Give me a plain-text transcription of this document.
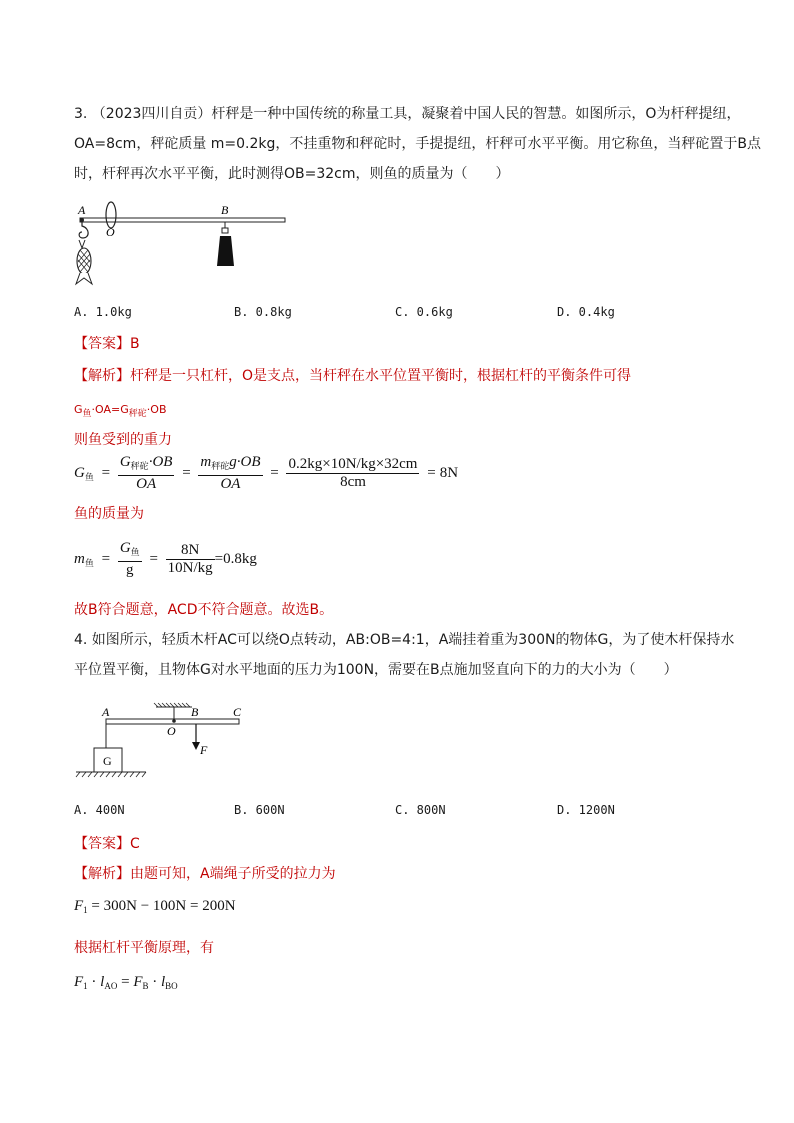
3. （2023四川自贡）杆秤是一种中国传统的称量工具，凝聚着中国人民的智慧。如图所示，O为杆秤提纽，
OA=8cm，秤砣质量 m=0.2kg，不挂重物和秤砣时，手提提纽，杆秤可水平平衡。用它称鱼，当秤砣置于B点
时，杆秤再次水平平衡，此时测得OB=32cm，则鱼的质量为（　　）
A
O
B
A. 1.0kg	B. 0.8kg	C. 0.6kg	D. 0.4kg
【答案】B
【解析】杆秤是一只杠杆，O是支点，当杆秤在水平位置平衡时，根据杠杆的平衡条件可得
$G_鱼\cdot OA=G_{秤砣}\cdot OB$
则鱼受到的重力
$G_鱼 = \frac{G_{秤砣}\cdot OB}{OA} = \frac{m_{秤砣}g\cdot OB}{OA} = \frac{0.2kg\times 10N/kg\times 32cm}{8cm} = 8N$
鱼的质量为
$m_鱼 = \frac{G_鱼}{g} = \frac{8N}{10N/kg} =0.8kg$
故B符合题意，ACD不符合题意。故选B。
4. 如图所示，轻质木杆AC可以绕O点转动，AB:OB=4:1，A端挂着重为300N的物体G，为了使木杆保持水
平位置平衡，且物体G对水平地面的压力为100N，需要在B点施加竖直向下的力的大小为（　　）
A	B	C
O
G
F
A. 400N	B. 600N	C. 800N	D. 1200N
【答案】C
【解析】由题可知，A端绳子所受的拉力为
$F_1 = 300N - 100N = 200N$
根据杠杆平衡原理，有
$F_1 \cdot l_{AO} = F_B \cdot l_{BO}$
